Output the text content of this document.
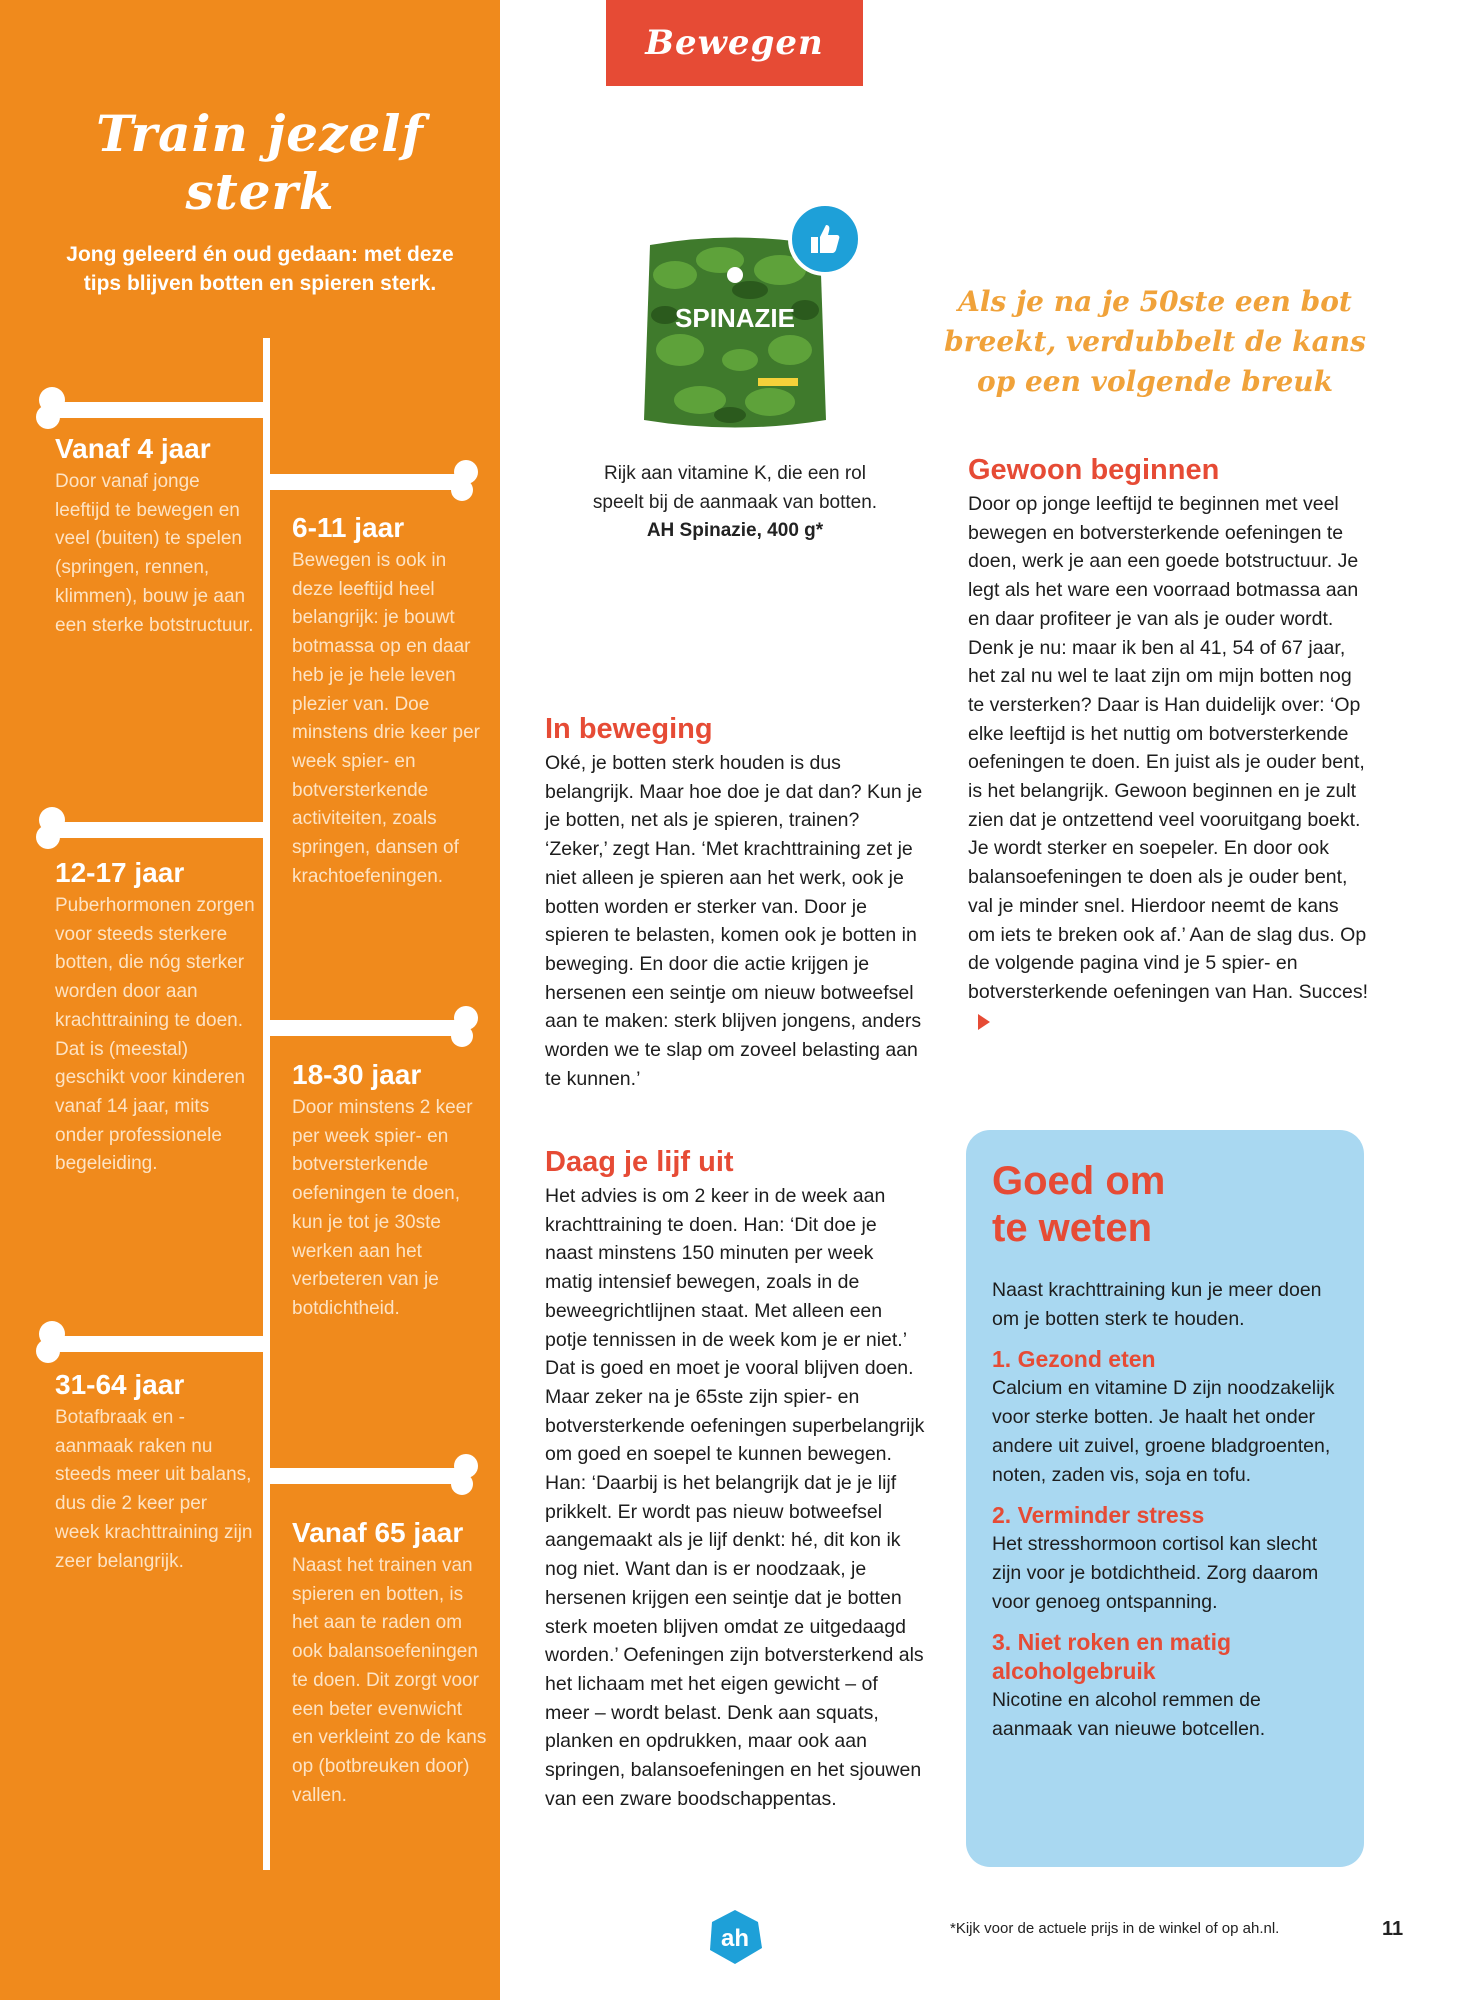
Train jezelf
sterk
Jong geleerd én oud gedaan: met deze tips blijven botten en spieren sterk.
Vanaf 4 jaar
Door vanaf jonge leeftijd te bewegen en veel (buiten) te spelen (springen, rennen, klimmen), bouw je aan een sterke botstructuur.
6-11 jaar
Bewegen is ook in deze leeftijd heel belangrijk: je bouwt botmassa op en daar heb je je hele leven plezier van. Doe minstens drie keer per week spier- en botversterkende activiteiten, zoals springen, dansen of krachtoefeningen.
12-17 jaar
Puberhormonen zorgen voor steeds sterkere botten, die nóg sterker worden door aan krachttraining te doen. Dat is (meestal) geschikt voor kinderen vanaf 14 jaar, mits onder professionele begeleiding.
18-30 jaar
Door minstens 2 keer per week spier- en botversterkende oefeningen te doen, kun je tot je 30ste werken aan het verbeteren van je botdichtheid.
31-64 jaar
Botafbraak en -aanmaak raken nu steeds meer uit balans, dus die 2 keer per week krachttraining zijn zeer belangrijk.
Vanaf 65 jaar
Naast het trainen van spieren en botten, is het aan te raden om ook balansoefeningen te doen. Dit zorgt voor een beter evenwicht en verkleint zo de kans op (botbreuken door) vallen.
Bewegen
SPINAZIE
Rijk aan vitamine K, die een rol speelt bij de aanmaak van botten.
AH Spinazie, 400 g*
Als je na je 50ste een bot breekt, verdubbelt de kans op een volgende breuk
In beweging

Oké, je botten sterk houden is dus belangrijk. Maar hoe doe je dat dan? Kun je je botten, net als je spieren, trainen? ‘Zeker,’ zegt Han. ‘Met krachttraining zet je niet alleen je spieren aan het werk, ook je botten worden er sterker van. Door je spieren te belasten, komen ook je botten in beweging. En door die actie krijgen je hersenen een seintje om nieuw botweefsel aan te maken: sterk blijven jongens, anders worden we te slap om zoveel belasting aan te kunnen.’

Daag je lijf uit

Het advies is om 2 keer in de week aan krachttraining te doen. Han: ‘Dit doe je naast minstens 150 minuten per week matig intensief bewegen, zoals in de beweegrichtlijnen staat. Met alleen een potje tennissen in de week kom je er niet.’ Dat is goed en moet je vooral blijven doen. Maar zeker na je 65ste zijn spier- en botversterkende oefeningen superbelangrijk om goed en soepel te kunnen bewegen. Han: ‘Daarbij is het belangrijk dat je je lijf prikkelt. Er wordt pas nieuw botweefsel aangemaakt als je lijf denkt: hé, dit kon ik nog niet. Want dan is er noodzaak, je hersenen krijgen een seintje dat je botten sterk moeten blijven omdat ze uitgedaagd worden.’ Oefeningen zijn botversterkend als het lichaam met het eigen gewicht – of meer – wordt belast. Denk aan squats, planken en opdrukken, maar ook aan springen, balansoefeningen en het sjouwen van een zware boodschappentas.

Gewoon beginnen

Door op jonge leeftijd te beginnen met veel bewegen en botversterkende oefeningen te doen, werk je aan een goede botstructuur. Je legt als het ware een voorraad botmassa aan en daar profiteer je van als je ouder wordt. Denk je nu: maar ik ben al 41, 54 of 67 jaar, het zal nu wel te laat zijn om mijn botten nog te versterken? Daar is Han duidelijk over: ‘Op elke leeftijd is het nuttig om botversterkende oefeningen te doen. En juist als je ouder bent, is het belangrijk. Gewoon beginnen en je zult zien dat je ontzettend veel vooruitgang boekt. Je wordt sterker en soepeler. En door ook balansoefeningen te doen als je ouder bent, val je minder snel. Hierdoor neemt de kans om iets te breken ook af.’ Aan de slag dus. Op de volgende pagina vind je 5 spier- en botversterkende oefeningen van Han. Succes!

Goed om
te weten
Naast krachttraining kun je meer doen om je botten sterk te houden.
1. Gezond eten
Calcium en vitamine D zijn noodzakelijk voor sterke botten. Je haalt het onder andere uit zuivel, groene bladgroenten, noten, zaden vis, soja en tofu.
2. Verminder stress
Het stresshormoon cortisol kan slecht zijn voor je botdichtheid. Zorg daarom voor genoeg ontspanning.
3. Niet roken en matig alcoholgebruik
Nicotine en alcohol remmen de aanmaak van nieuwe botcellen.
ah	*Kijk voor de actuele prijs in de winkel of op ah.nl.	11
